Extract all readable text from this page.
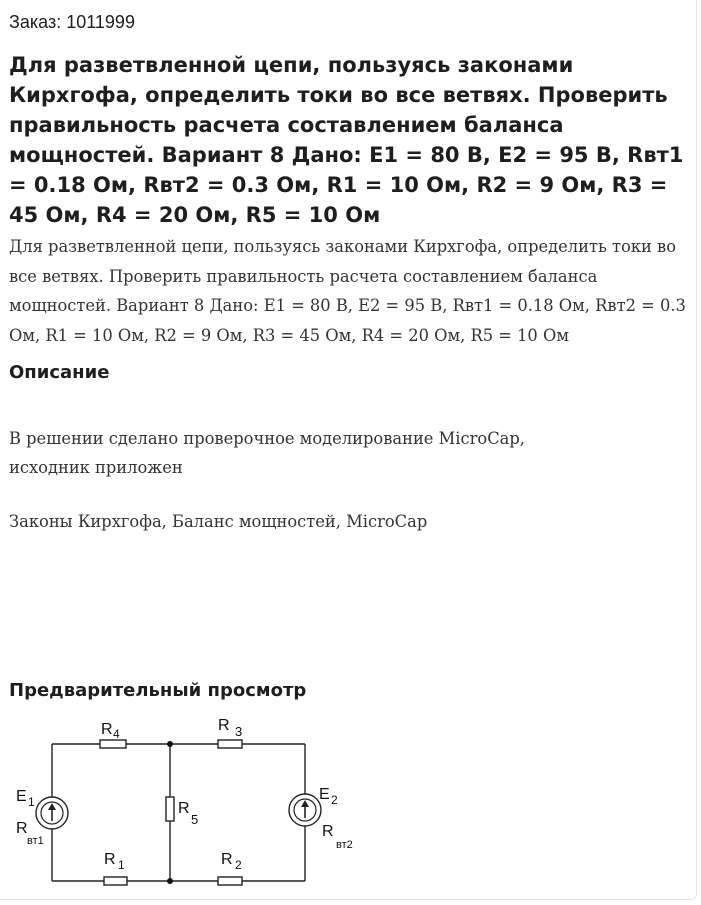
Заказ: 1011999
Для разветвленной цепи, пользуясь законами Кирхгофа, определить токи во все ветвях. Проверить правильность расчета составлением баланса мощностей. Вариант 8 Дано: E1 = 80 B, E2 = 95 B, Rвт1 = 0.18 Ом, Rвт2 = 0.3 Ом, R1 = 10 Ом, R2 = 9 Ом, R3 = 45 Ом, R4 = 20 Ом, R5 = 10 Ом

Для разветвленной цепи, пользуясь законами Кирхгофа, определить токи во все ветвях. Проверить правильность расчета составлением баланса мощностей. Вариант 8 Дано: E1 = 80 B, E2 = 95 B, Rвт1 = 0.18 Ом, Rвт2 = 0.3 Ом, R1 = 10 Ом, R2 = 9 Ом, R3 = 45 Ом, R4 = 20 Ом, R5 = 10 Ом

Описание

В решении сделано проверочное моделирование MicroCap, исходник приложен

Законы Кирхгофа, Баланс мощностей, MicroCap

Предварительный просмотр
R 4	R 3
R
5
R 1	R 2
E 1
R
вт1
E 2
R
вт2
